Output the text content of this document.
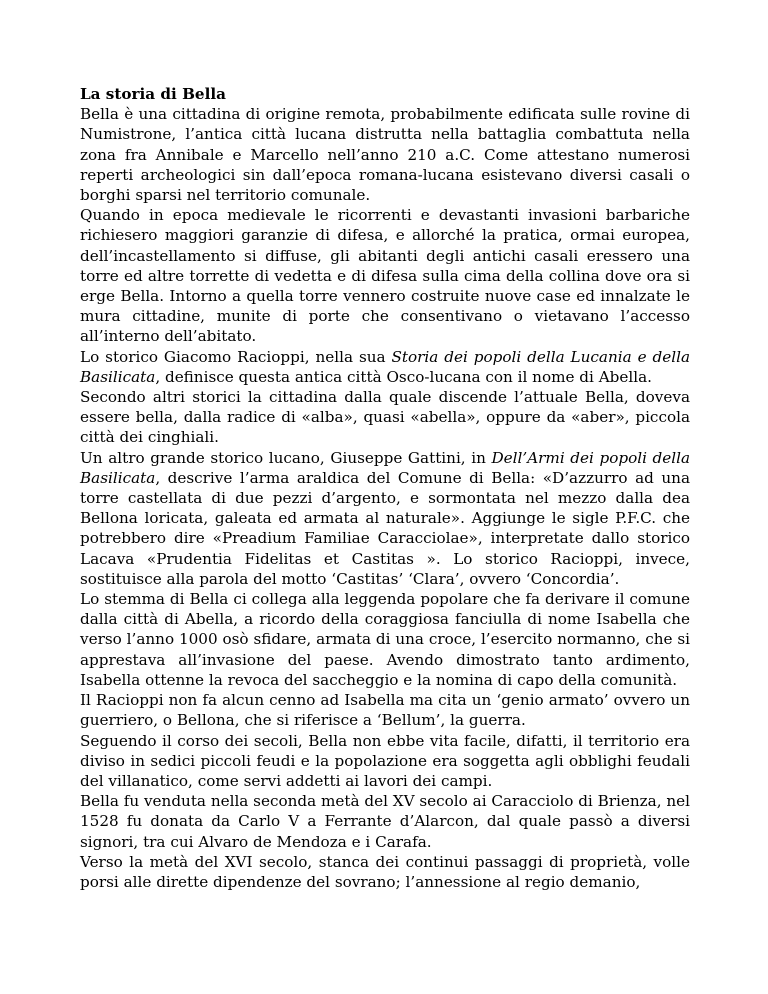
La storia di Bella

Bella è una cittadina di origine remota, probabilmente edificata sulle rovine di Numistrone, l’antica città lucana distrutta nella battaglia combattuta nella zona fra Annibale e Marcello nell’anno 210 a.C. Come attestano numerosi reperti archeologici sin dall’epoca romana-lucana esistevano diversi casali o borghi sparsi nel territorio comunale.

Quando in epoca medievale le ricorrenti e devastanti invasioni barbariche richiesero maggiori garanzie di difesa, e allorché la pratica, ormai europea, dell’incastellamento si diffuse, gli abitanti degli antichi casali eressero una torre ed altre torrette di vedetta e di difesa sulla cima della collina dove ora si erge Bella. Intorno a quella torre vennero costruite nuove case ed innalzate le mura cittadine, munite di porte che consentivano o vietavano l’accesso all’interno dell’abitato.

Lo storico Giacomo Racioppi, nella sua Storia dei popoli della Lucania e della Basilicata, definisce questa antica città Osco-lucana con il nome di Abella.

Secondo altri storici la cittadina dalla quale discende l’attuale Bella, doveva essere bella, dalla radice di «alba», quasi «abella», oppure da «aber», piccola città dei cinghiali.

Un altro grande storico lucano, Giuseppe Gattini, in Dell’Armi dei popoli della Basilicata, descrive l’arma araldica del Comune di Bella: «D’azzurro ad una torre castellata di due pezzi d’argento, e sormontata nel mezzo dalla dea Bellona loricata, galeata ed armata al naturale». Aggiunge le sigle P.F.C. che potrebbero dire «Preadium Familiae Caracciolae», interpretate dallo storico Lacava «Prudentia Fidelitas et Castitas ». Lo storico Racioppi, invece, sostituisce alla parola del motto ‘Castitas’ ‘Clara’, ovvero ‘Concordia’.

Lo stemma di Bella ci collega alla leggenda popolare che fa derivare il comune dalla città di Abella, a ricordo della coraggiosa fanciulla di nome Isabella che verso l’anno 1000 osò sfidare, armata di una croce, l’esercito normanno, che si apprestava all’invasione del paese. Avendo dimostrato tanto ardimento, Isabella ottenne la revoca del saccheggio e la nomina di capo della comunità.

Il Racioppi non fa alcun cenno ad Isabella ma cita un ‘genio armato’ ovvero un guerriero, o Bellona, che si riferisce a ‘Bellum’, la guerra.

Seguendo il corso dei secoli, Bella non ebbe vita facile, difatti, il territorio era diviso in sedici piccoli feudi e la popolazione era soggetta agli obblighi feudali del villanatico, come servi addetti ai lavori dei campi.

Bella fu venduta nella seconda metà del XV secolo ai Caracciolo di Brienza, nel 1528 fu donata da Carlo V a Ferrante d’Alarcon, dal quale passò a diversi signori, tra cui Alvaro de Mendoza e i Carafa.

Verso la metà del XVI secolo, stanca dei continui passaggi di proprietà, volle porsi alle dirette dipendenze del sovrano; l’annessione al regio demanio,
